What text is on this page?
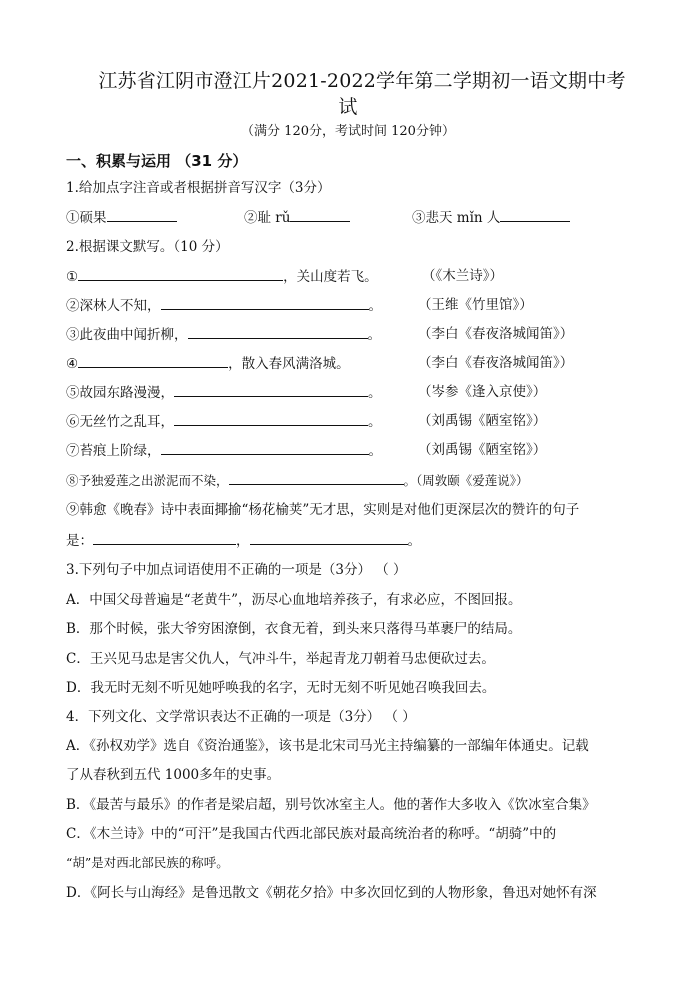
江苏省江阴市澄江片2021-2022学年第二学期初一语文期中考
试
（满分 120分，考试时间 120分钟）
一、积累与运用 （31 分）
1.给加点字注音或者根据拼音写汉字（3分）
①硕果	②耻 rǔ	③悲天 mǐn 人
2.根据课文默写。（10 分）
①	，关山度若飞。	（《木兰诗》）
②深林人不知，	。	（王维《竹里馆》）
③此夜曲中闻折柳，	。	（李白《春夜洛城闻笛》）
④	，散入春风满洛城。	（李白《春夜洛城闻笛》）
⑤故园东路漫漫，	。	（岑参《逢入京使》）
⑥无丝竹之乱耳，	。	（刘禹锡《陋室铭》）
⑦苔痕上阶绿，	。	（刘禹锡《陋室铭》）
⑧予独爱莲之出淤泥而不染，	。（周敦颐《爱莲说》）
⑨韩愈《晚春》诗中表面揶揄“杨花榆荚”无才思，实则是对他们更深层次的赞许的句子
是：	，	。
3.下列句子中加点词语使用不正确的一项是（3分） （ ）
A．中国父母普遍是“老黄牛”，沥尽心血地培养孩子，有求必应，不图回报。
B．那个时候，张大爷穷困潦倒，衣食无着，到头来只落得马革裹尸的结局。
C．王兴见马忠是害父仇人，气冲斗牛，举起青龙刀朝着马忠便砍过去。
D．我无时无刻不听见她呼唤我的名字，无时无刻不听见她召唤我回去。
4．下列文化、文学常识表达不正确的一项是（3分） （ ）
A．《孙权劝学》选自《资治通鉴》，该书是北宋司马光主持编纂的一部编年体通史。记载
了从春秋到五代 1000多年的史事。
B．《最苦与最乐》的作者是梁启超，别号饮冰室主人。他的著作大多收入《饮冰室合集》
C．《木兰诗》中的“可汗”是我国古代西北部民族对最高统治者的称呼。“胡骑”中的
“胡”是对西北部民族的称呼。
D．《阿长与山海经》是鲁迅散文《朝花夕拾》中多次回忆到的人物形象，鲁迅对她怀有深
